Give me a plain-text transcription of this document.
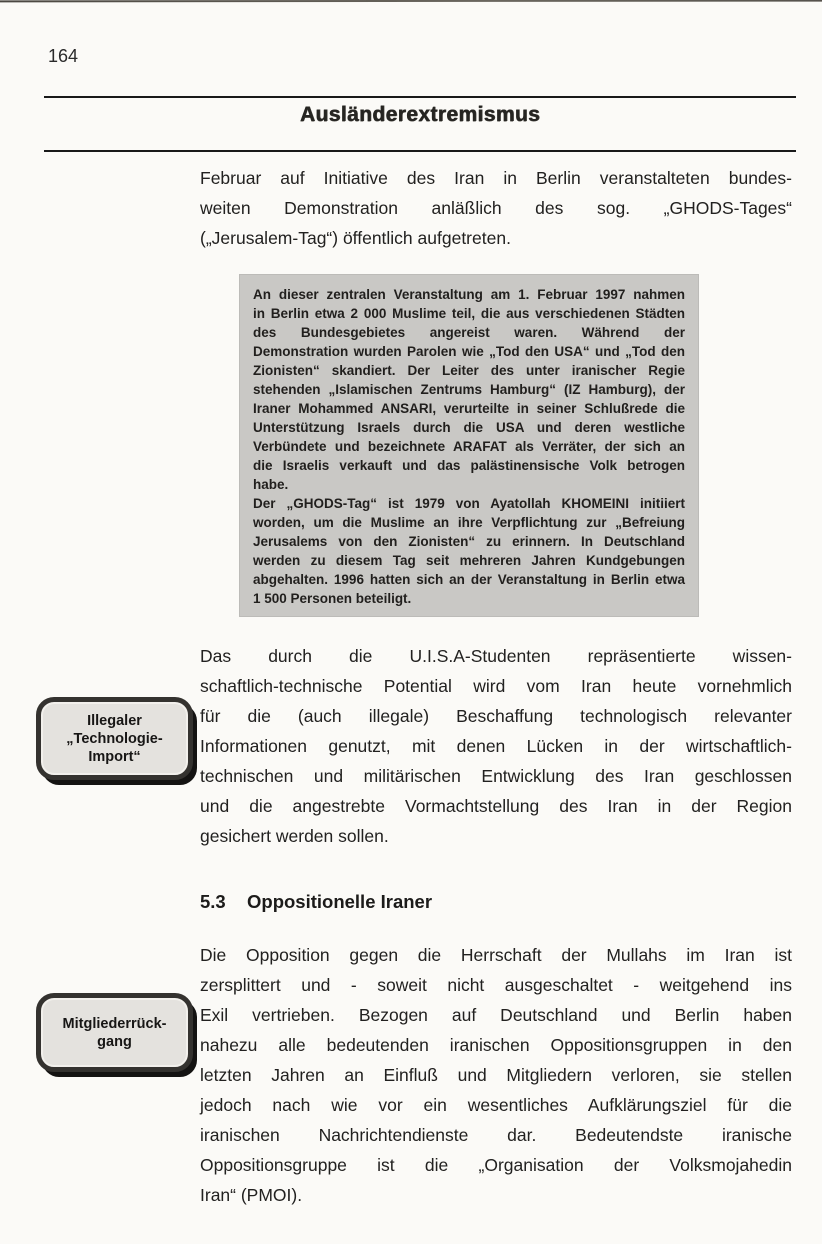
164
Ausländerextremismus
Februar auf Initiative des Iran in Berlin veranstalteten bundes-
weiten Demonstration anläßlich des sog. „GHODS-Tages“
(„Jerusalem-Tag“) öffentlich aufgetreten.
An dieser zentralen Veranstaltung am 1. Februar 1997 nahmen
in Berlin etwa 2 000 Muslime teil, die aus verschiedenen Städten
des Bundesgebietes angereist waren. Während der
Demonstration wurden Parolen wie „Tod den USA“ und „Tod den
Zionisten“ skandiert. Der Leiter des unter iranischer Regie
stehenden „Islamischen Zentrums Hamburg“ (IZ Hamburg), der
Iraner Mohammed ANSARI, verurteilte in seiner Schlußrede die
Unterstützung Israels durch die USA und deren westliche
Verbündete und bezeichnete ARAFAT als Verräter, der sich an
die Israelis verkauft und das palästinensische Volk betrogen
habe.
Der „GHODS-Tag“ ist 1979 von Ayatollah KHOMEINI initiiert
worden, um die Muslime an ihre Verpflichtung zur „Befreiung
Jerusalems von den Zionisten“ zu erinnern. In Deutschland
werden zu diesem Tag seit mehreren Jahren Kundgebungen
abgehalten. 1996 hatten sich an der Veranstaltung in Berlin etwa
1 500 Personen beteiligt.
Das durch die U.I.S.A-Studenten repräsentierte wissen-
schaftlich-technische Potential wird vom Iran heute vornehmlich
für die (auch illegale) Beschaffung technologisch relevanter
Informationen genutzt, mit denen Lücken in der wirtschaftlich-
technischen und militärischen Entwicklung des Iran geschlossen
und die angestrebte Vormachtstellung des Iran in der Region
gesichert werden sollen.
Illegaler
„Technologie-
Import“
5.3	Oppositionelle Iraner
Die Opposition gegen die Herrschaft der Mullahs im Iran ist
zersplittert und - soweit nicht ausgeschaltet - weitgehend ins
Exil vertrieben. Bezogen auf Deutschland und Berlin haben
nahezu alle bedeutenden iranischen Oppositionsgruppen in den
letzten Jahren an Einfluß und Mitgliedern verloren, sie stellen
jedoch nach wie vor ein wesentliches Aufklärungsziel für die
iranischen Nachrichtendienste dar. Bedeutendste iranische
Oppositionsgruppe ist die „Organisation der Volksmojahedin
Iran“ (PMOI).
Mitgliederrück-
gang
